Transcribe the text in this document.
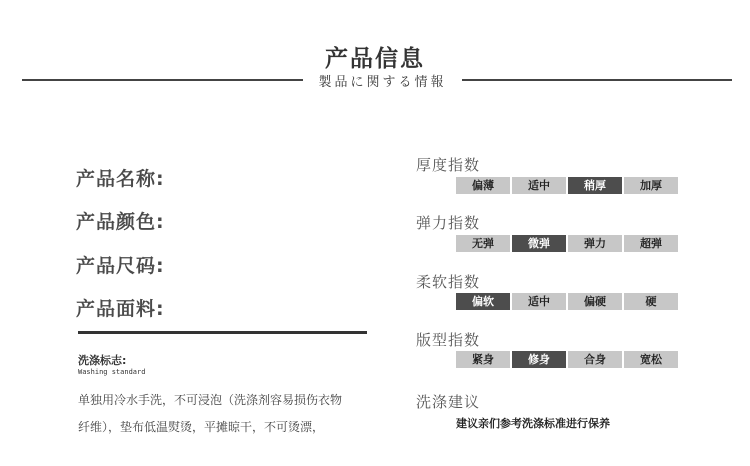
产品信息
製品に関する情報
产品名称:
产品颜色:
产品尺码:
产品面料:
洗涤标志:
Washing standard
单独用冷水手洗，不可浸泡（洗涤剂容易损伤衣物
纤维），垫布低温熨烫，平摊晾干，不可烫漂，
厚度指数
偏薄	适中	稍厚	加厚
弹力指数
无弹	微弹	弹力	超弹
柔软指数
偏软	适中	偏硬	硬
版型指数
紧身	修身	合身	宽松
洗涤建议
建议亲们参考洗涤标准进行保养
